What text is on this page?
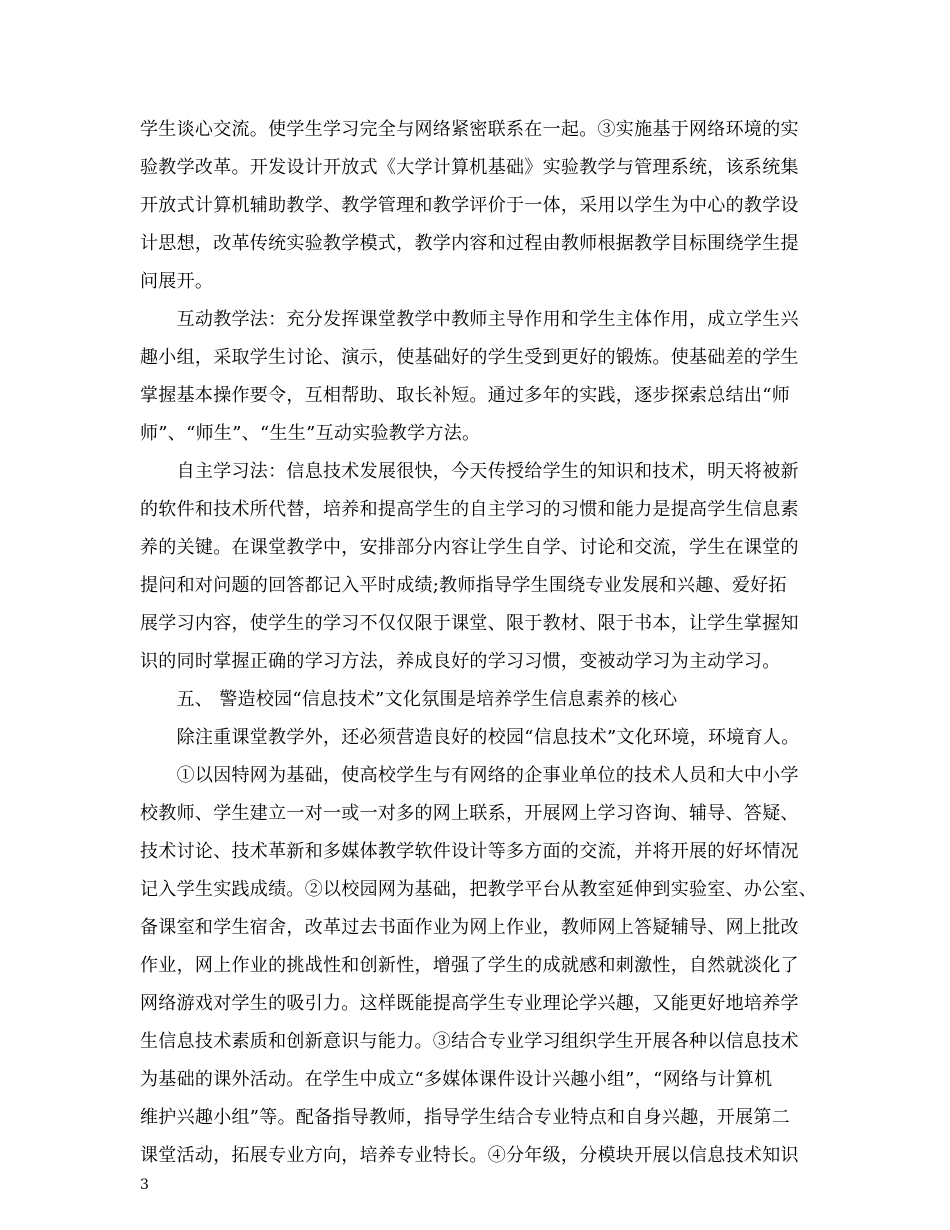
学生谈心交流。使学生学习完全与网络紧密联系在一起。③实施基于网络环境的实
验教学改革。开发设计开放式《大学计算机基础》实验教学与管理系统，该系统集
开放式计算机辅助教学、教学管理和教学评价于一体，采用以学生为中心的教学设
计思想，改革传统实验教学模式，教学内容和过程由教师根据教学目标围绕学生提
问展开。
　　互动教学法：充分发挥课堂教学中教师主导作用和学生主体作用，成立学生兴
趣小组，采取学生讨论、演示，使基础好的学生受到更好的锻炼。使基础差的学生
掌握基本操作要令，互相帮助、取长补短。通过多年的实践，逐步探索总结出“师
师”、“师生”、“生生”互动实验教学方法。
　　自主学习法：信息技术发展很快，今天传授给学生的知识和技术，明天将被新
的软件和技术所代替，培养和提高学生的自主学习的习惯和能力是提高学生信息素
养的关键。在课堂教学中，安排部分内容让学生自学、讨论和交流，学生在课堂的
提问和对问题的回答都记入平时成绩;教师指导学生围绕专业发展和兴趣、爱好拓
展学习内容，使学生的学习不仅仅限于课堂、限于教材、限于书本，让学生掌握知
识的同时掌握正确的学习方法，养成良好的学习习惯，变被动学习为主动学习。
　　五、 警造校园“信息技术”文化氛围是培养学生信息素养的核心
　　除注重课堂教学外，还必须营造良好的校园“信息技术”文化环境，环境育人。
　　①以因特网为基础，使高校学生与有网络的企事业单位的技术人员和大中小学
校教师、学生建立一对一或一对多的网上联系，开展网上学习咨询、辅导、答疑、
技术讨论、技术革新和多媒体教学软件设计等多方面的交流，并将开展的好坏情况
记入学生实践成绩。②以校园网为基础，把教学平台从教室延伸到实验室、办公室、
备课室和学生宿舍，改革过去书面作业为网上作业，教师网上答疑辅导、网上批改
作业，网上作业的挑战性和创新性，增强了学生的成就感和刺激性，自然就淡化了
网络游戏对学生的吸引力。这样既能提高学生专业理论学兴趣，又能更好地培养学
生信息技术素质和创新意识与能力。③结合专业学习组织学生开展各种以信息技术
为基础的课外活动。在学生中成立“多媒体课件设计兴趣小组”，“网络与计算机
维护兴趣小组”等。配备指导教师，指导学生结合专业特点和自身兴趣，开展第二
课堂活动，拓展专业方向，培养专业特长。④分年级，分模块开展以信息技术知识
3
